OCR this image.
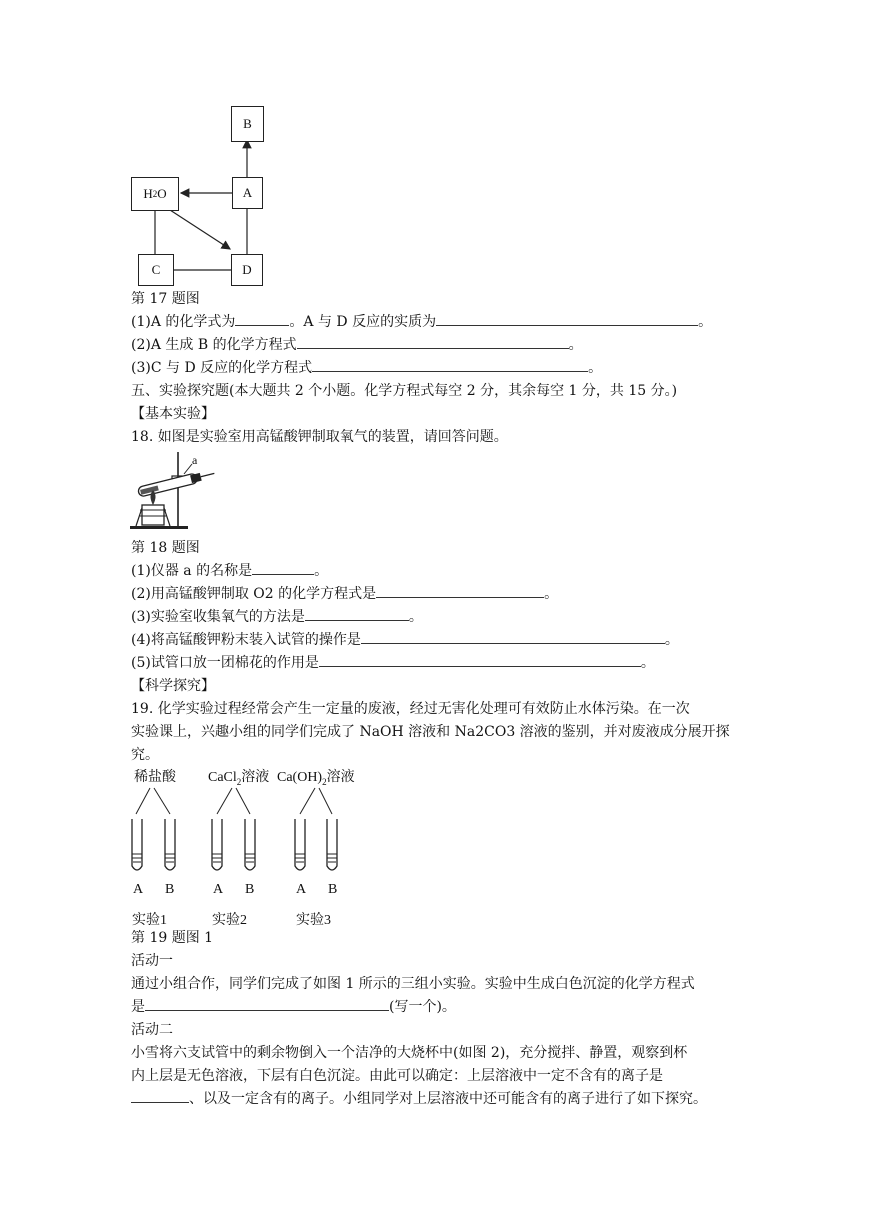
B
H 2 O	A
C	D
第 17 题图
(1)A 的化学式为	。A 与 D 反应的实质为	。
(2)A 生成 B 的化学方程式	。
(3)C 与 D 反应的化学方程式	。
五、实验探究题(本大题共 2 个小题。化学方程式每空 2 分，其余每空 1 分，共 15 分。)
【基本实验】
18. 如图是实验室用高锰酸钾制取氧气的装置，请回答问题。
a
第 18 题图
(1)仪器 a 的名称是	。
(2)用高锰酸钾制取 O2 的化学方程式是	。
(3)实验室收集氧气的方法是	。
(4)将高锰酸钾粉末装入试管的操作是	。
(5)试管口放一团棉花的作用是	。
【科学探究】
19. 化学实验过程经常会产生一定量的废液，经过无害化处理可有效防止水体污染。在一次
实验课上，兴趣小组的同学们完成了 NaOH 溶液和 Na2CO3 溶液的鉴别，并对废液成分展开探
究。
稀盐酸 CaCl$_2$溶液 $Ca(OH)_2$溶液
A B	A B	A B
实验1	实验2	实验3
第 19 题图 1
活动一
通过小组合作，同学们完成了如图 1 所示的三组小实验。实验中生成白色沉淀的化学方程式
是	(写一个)。
活动二
小雪将六支试管中的剩余物倒入一个洁净的大烧杯中(如图 2)，充分搅拌、静置，观察到杯
内上层是无色溶液，下层有白色沉淀。由此可以确定：上层溶液中一定不含有的离子是
、以及一定含有的离子。小组同学对上层溶液中还可能含有的离子进行了如下探究。
